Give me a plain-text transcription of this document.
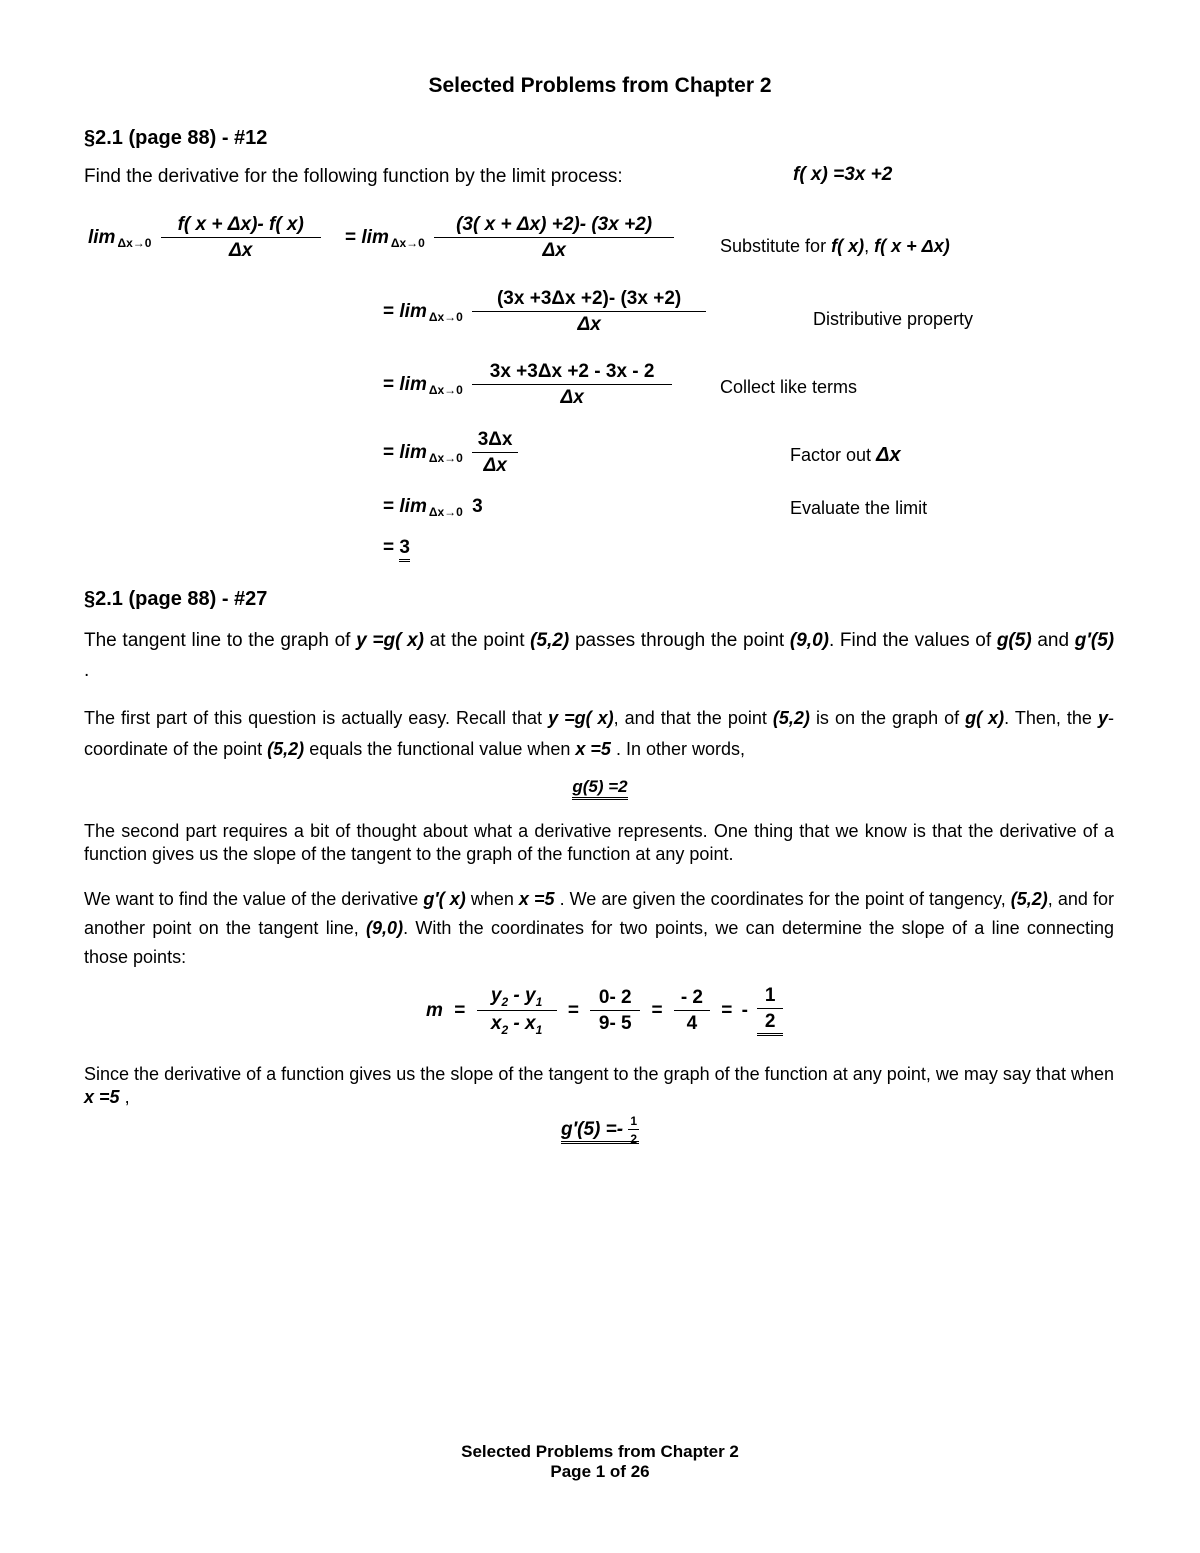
Selected Problems from Chapter 2
§2.1 (page 88) - #12
Find the derivative for the following function by the limit process:	f( x) =3x +2
$\lim _{\Delta x\to 0} \frac{f( x + \Delta x)- f( x)}{\Delta x} = \lim _{\Delta x\to 0} \frac{(3( x + \Delta x) +2)- (3x +2)}{\Delta x}$	Substitute for f( x), f( x + Δx)
= $\lim _{\Delta x\to 0} \frac{(3x +3\Delta x +2)- (3x +2)}{\Delta x}$	Distributive property
= $\lim _{\Delta x\to 0} \frac{3x +3\Delta x +2 - 3x - 2}{\Delta x}$	Collect like terms
= $\lim _{\Delta x\to 0} \frac{3\Delta x}{\Delta x}$	Factor out Δx
= lim $_{\Delta x\to 0}$ 3	Evaluate the limit
= 3
§2.1 (page 88) - #27
The tangent line to the graph of y =g( x) at the point (5,2) passes through the point (9,0). Find the values of g(5) and g′(5) .
The first part of this question is actually easy. Recall that y =g( x), and that the point (5,2) is on the graph of g( x). Then, the y-coordinate of the point (5,2) equals the functional value when x =5 . In other words,
g(5) =2
The second part requires a bit of thought about what a derivative represents. One thing that we know is that the derivative of a function gives us the slope of the tangent to the graph of the function at any point.
We want to find the value of the derivative g′( x) when x =5 . We are given the coordinates for the point of tangency, (5,2), and for another point on the tangent line, (9,0). With the coordinates for two points, we can determine the slope of a line connecting those points:
$m = \frac{y_2 - y_1}{x_2 - x_1} = \frac{0- 2}{9- 5} = \frac{- 2}{4}$ = - $\frac{1}{2}$
Since the derivative of a function gives us the slope of the tangent to the graph of the function at any point, we may say that when x =5 ,
$g'(5) =- \frac{1}{2}$
Selected Problems from Chapter 2
Page 1 of 26
